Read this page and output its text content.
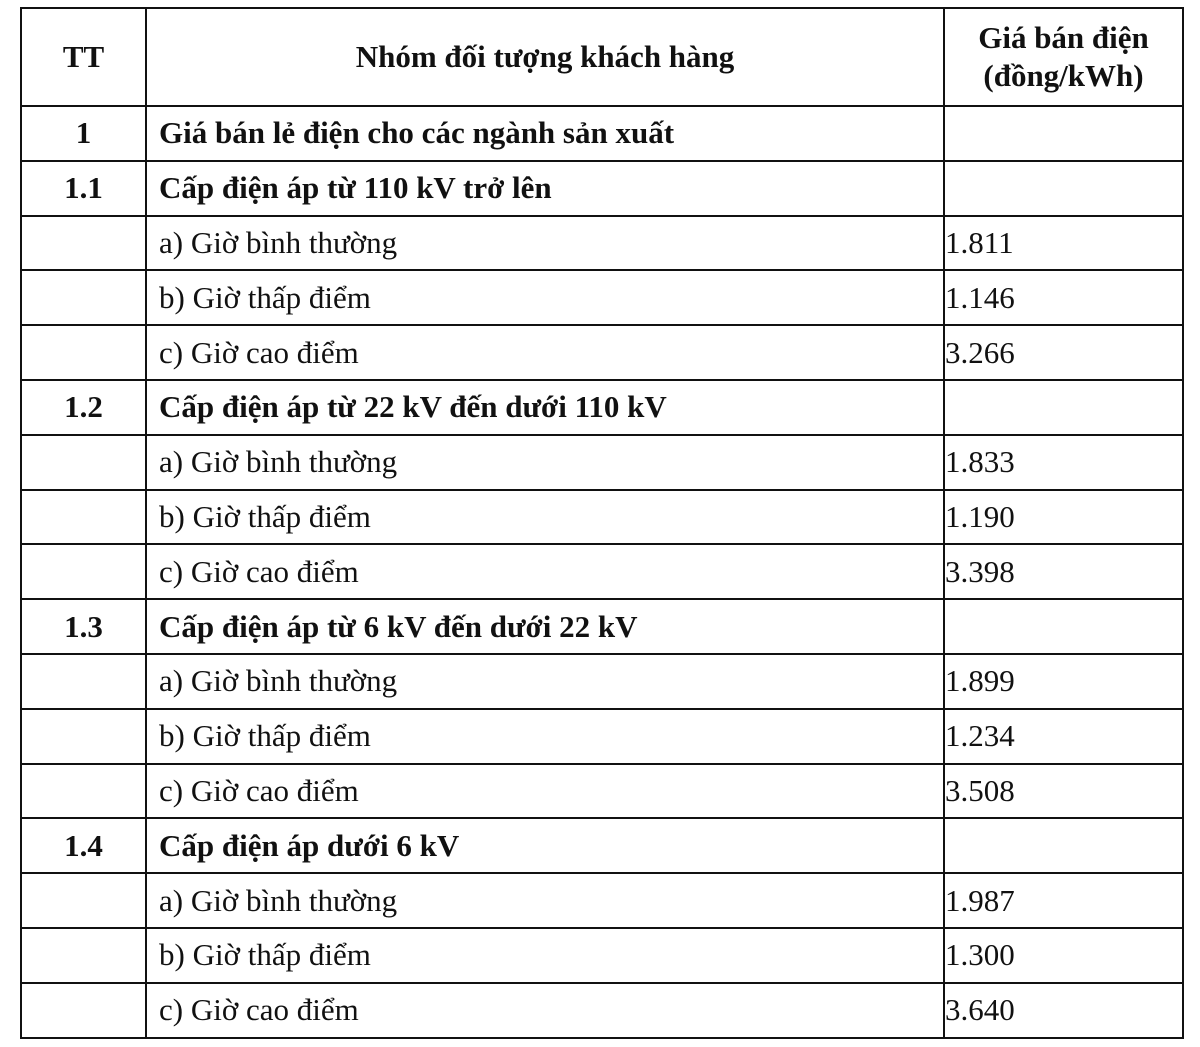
TT	Nhóm đối tượng khách hàng	Giá bán điện
(đồng/kWh)

1	Giá bán lẻ điện cho các ngành sản xuất	
1.1	Cấp điện áp từ 110 kV trở lên	
	a) Giờ bình thường	1.811
	b) Giờ thấp điểm	1.146
	c) Giờ cao điểm	3.266
1.2	Cấp điện áp từ 22 kV đến dưới 110 kV	
	a) Giờ bình thường	1.833
	b) Giờ thấp điểm	1.190
	c) Giờ cao điểm	3.398
1.3	Cấp điện áp từ 6 kV đến dưới 22 kV	
	a) Giờ bình thường	1.899
	b) Giờ thấp điểm	1.234
	c) Giờ cao điểm	3.508
1.4	Cấp điện áp dưới 6 kV	
	a) Giờ bình thường	1.987
	b) Giờ thấp điểm	1.300
	c) Giờ cao điểm	3.640
